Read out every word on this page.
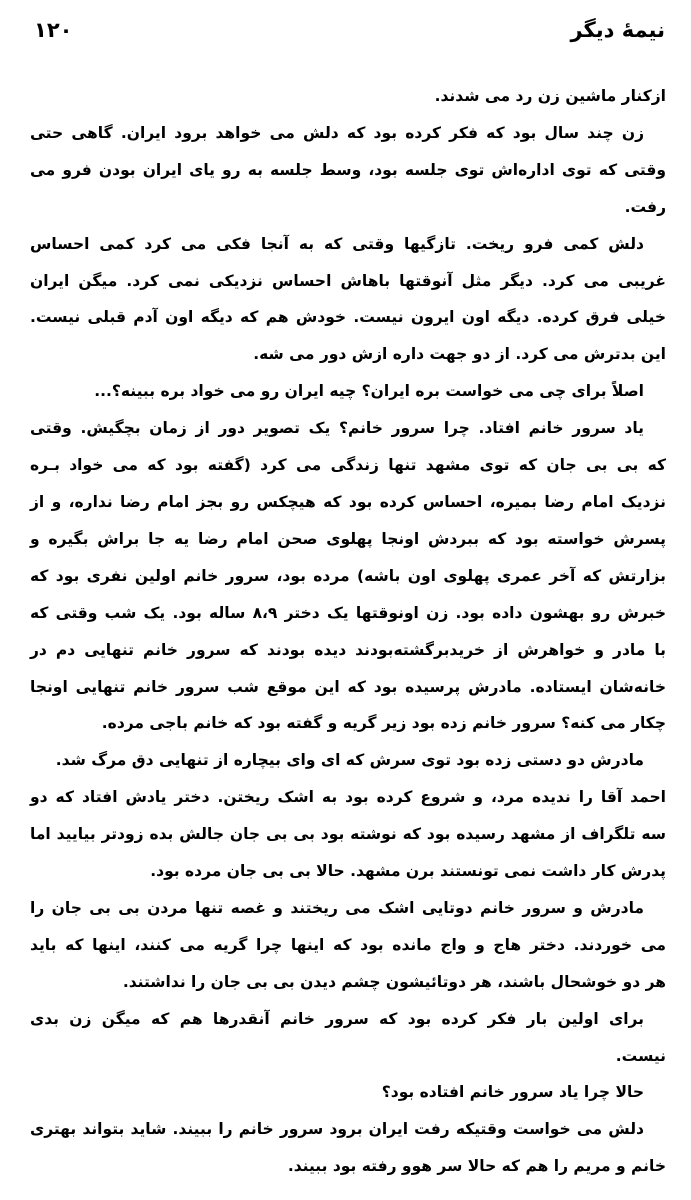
۱۲۰	نیمهٔ دیگر
ازکنار ماشین زن رد می شدند.
زن چند سال بود که فکر کرده بود که دلش می خواهد برود ایران. گاهی حتی
وقتی که توی اداره‌اش توی جلسه بود، وسط جلسه به رو یای ایران بودن فرو می
رفت.
دلش کمی فرو ریخت. تازگیها وقتی که به آنجا فکی می کرد کمی احساس
غریبی می کرد. دیگر مثل آنوقتها باهاش احساس نزدیکی نمی کرد. میگن ایران
خیلی فرق کرده. دیگه اون ایرون نیست. خودش هم که دیگه اون آدم قبلی نیست.
این بدترش می کرد. از دو جهت داره ازش دور می شه.
اصلاً برای چی می خواست بره ایران؟ چیه ایران رو می خواد بره ببینه؟...
یاد سرور خانم افتاد. چرا سرور خانم؟ یک تصویر دور از زمان بچگیش. وقتی
که بی بی جان که توی مشهد تنها زندگی می کرد (گفته بود که می خواد بـره
نزدیک امام رضا بمیره، احساس کرده بود که هیچکس رو بجز امام رضا نداره، و از
پسرش خواسته بود که ببردش اونجا پهلوی صحن امام رضا یه جا براش بگیره و
بزارتش که آخر عمری پهلوی اون باشه) مرده بود، سرور خانم اولین نفری بود که
خبرش رو بهشون داده بود. زن اونوقتها یک دختر ۸،۹ ساله بود. یک شب وقتی که
با مادر و خواهرش از خریدبرگشته‌بودند دیده بودند که سرور خانم تنهایی دم در
خانه‌شان ایستاده. مادرش پرسیده بود که این موقع شب سرور خانم تنهایی اونجا
چکار می کنه؟ سرور خانم زده بود زیر گریه و گفته بود که خانم باجی مرده.
مادرش دو دستی زده بود توی سرش که ای وای بیچاره از تنهایی دق مرگ شد.
احمد آقا را ندیده مرد، و شروع کرده بود به اشک ریختن. دختر یادش افتاد که دو
سه تلگراف از مشهد رسیده بود که نوشته بود بی بی جان جالش بده زودتر بیایید اما
پدرش کار داشت نمی تونستند برن مشهد. حالا بی بی جان مرده بود.
مادرش و سرور خانم دوتایی اشک می ریختند و غصه تنها مردن بی بی جان را
می خوردند. دختر هاج و واج مانده بود که اینها چرا گریه می کنند، اینها که باید
هر دو خوشحال باشند، هر دوتائیشون چشم دیدن بی بی جان را نداشتند.
برای اولین بار فکر کرده بود که سرور خانم آنقدرها هم که میگن زن بدی
نیست.
حالا چرا یاد سرور خانم افتاده بود؟
دلش می خواست وقتیکه رفت ایران برود سرور خانم را ببیند. شاید بتواند بهتری
خانم و مریم را هم که حالا سر هوو رفته بود ببیند.
